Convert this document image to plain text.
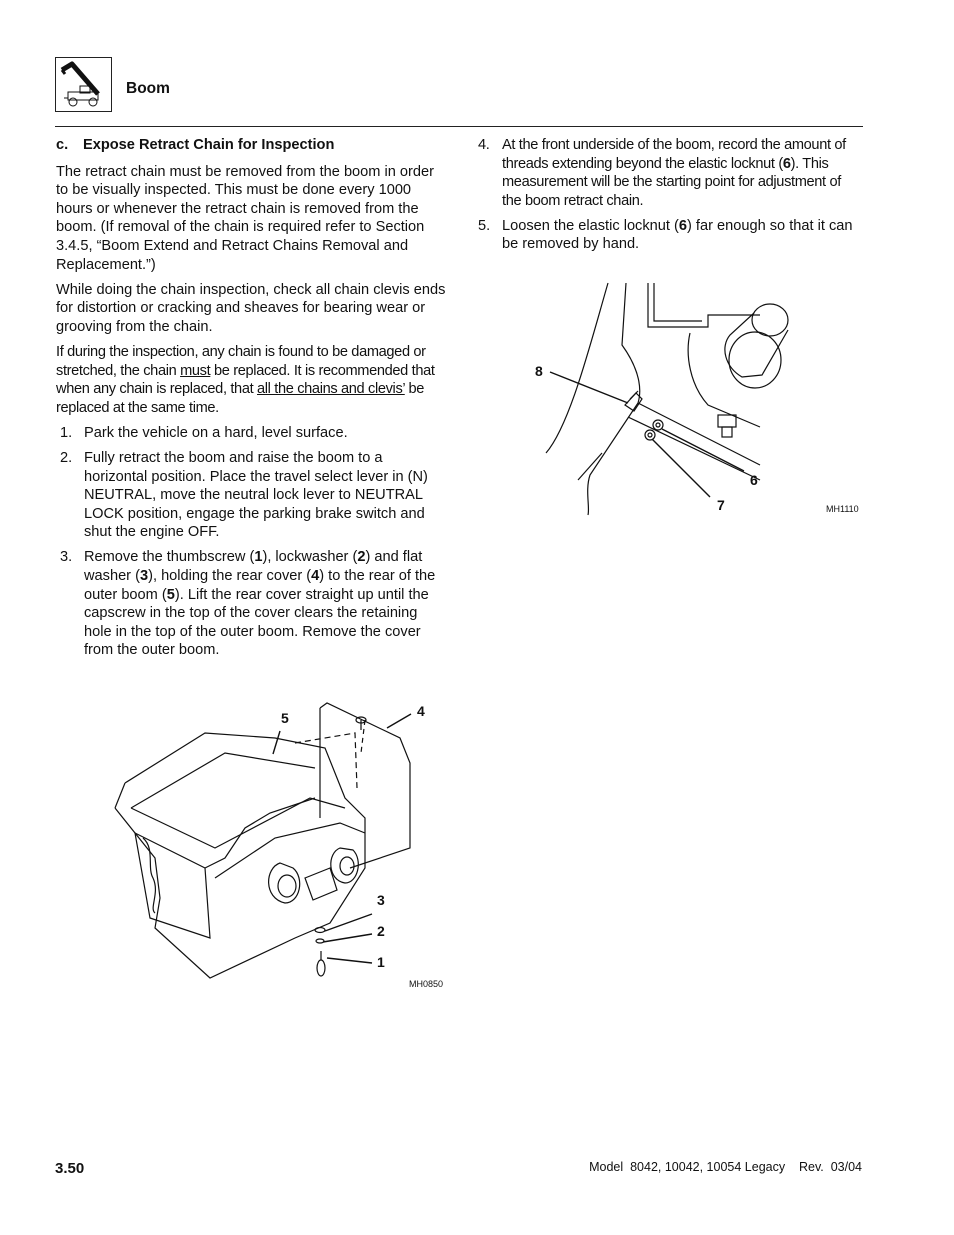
Boom
c. Expose Retract Chain for Inspection

The retract chain must be removed from the boom in order to be visually inspected. This must be done every 1000 hours or whenever the retract chain is removed from the boom. (If removal of the chain is required refer to Section 3.4.5, “Boom Extend and Retract Chains Removal and Replacement.”)

While doing the chain inspection, check all chain clevis ends for distortion or cracking and sheaves for bearing wear or grooving from the chain.

If during the inspection, any chain is found to be damaged or stretched, the chain must be replaced. It is recommended that when any chain is replaced, that all the chains and clevis’ be replaced at the same time.

1. Park the vehicle on a hard, level surface.
2. Fully retract the boom and raise the boom to a horizontal position. Place the travel select lever in (N) NEUTRAL, move the neutral lock lever to NEUTRAL LOCK position, engage the parking brake switch and shut the engine OFF.
3. Remove the thumbscrew (1), lockwasher (2) and flat washer (3), holding the rear cover (4) to the rear of the outer boom (5). Lift the rear cover straight up until the capscrew in the top of the cover clears the retaining hole in the top of the outer boom. Remove the cover from the outer boom.
4. At the front underside of the boom, record the amount of threads extending beyond the elastic locknut (6). This measurement will be the starting point for adjustment of the boom retract chain.
5. Loosen the elastic locknut (6) far enough so that it can be removed by hand.
8
6
7	MH1110
5	4
3
2
1
MH0850
3.50	Model  8042, 10042, 10054 Legacy    Rev.  03/04
